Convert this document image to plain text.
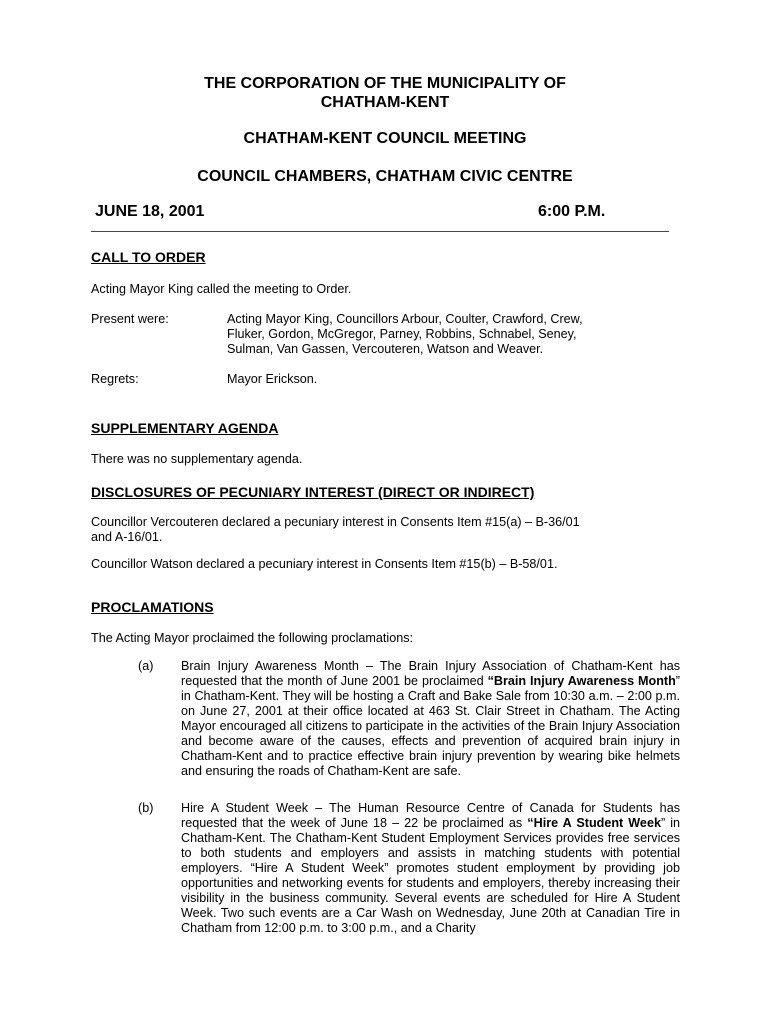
THE CORPORATION OF THE MUNICIPALITY OF
CHATHAM-KENT
CHATHAM-KENT COUNCIL MEETING
COUNCIL CHAMBERS, CHATHAM CIVIC CENTRE
JUNE 18, 2001	6:00 P.M.
CALL TO ORDER
Acting Mayor King called the meeting to Order.
Present were:	Acting Mayor King, Councillors Arbour, Coulter, Crawford, Crew,
Fluker, Gordon, McGregor, Parney, Robbins, Schnabel, Seney,
Sulman, Van Gassen, Vercouteren, Watson and Weaver.
Regrets:	Mayor Erickson.
SUPPLEMENTARY AGENDA
There was no supplementary agenda.
DISCLOSURES OF PECUNIARY INTEREST (DIRECT OR INDIRECT)
Councillor Vercouteren declared a pecuniary interest in Consents Item #15(a) – B-36/01
and A-16/01.
Councillor Watson declared a pecuniary interest in Consents Item #15(b) – B-58/01.
PROCLAMATIONS
The Acting Mayor proclaimed the following proclamations:
(a) Brain Injury Awareness Month – The Brain Injury Association of Chatham-Kent has requested that the month of June 2001 be proclaimed “Brain Injury Awareness Month” in Chatham-Kent. They will be hosting a Craft and Bake Sale from 10:30 a.m. – 2:00 p.m. on June 27, 2001 at their office located at 463 St. Clair Street in Chatham. The Acting Mayor encouraged all citizens to participate in the activities of the Brain Injury Association and become aware of the causes, effects and prevention of acquired brain injury in Chatham-Kent and to practice effective brain injury prevention by wearing bike helmets and ensuring the roads of Chatham-Kent are safe.
(b) Hire A Student Week – The Human Resource Centre of Canada for Students has requested that the week of June 18 – 22 be proclaimed as “Hire A Student Week” in Chatham-Kent. The Chatham-Kent Student Employment Services provides free services to both students and employers and assists in matching students with potential employers. “Hire A Student Week” promotes student employment by providing job opportunities and networking events for students and employers, thereby increasing their visibility in the business community. Several events are scheduled for Hire A Student Week. Two such events are a Car Wash on Wednesday, June 20th at Canadian Tire in Chatham from 12:00 p.m. to 3:00 p.m., and a Charity
